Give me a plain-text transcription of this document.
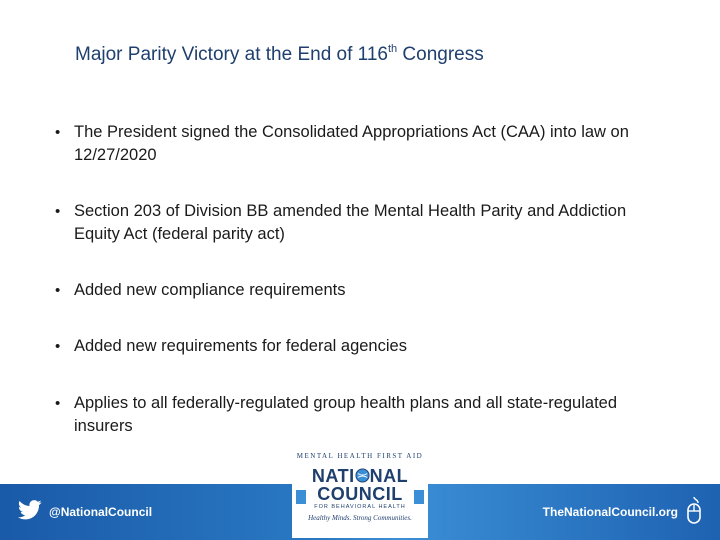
Major Parity Victory at the End of 116th Congress
• The President signed the Consolidated Appropriations Act (CAA) into law on 12/27/2020
• Section 203 of Division BB amended the Mental Health Parity and Addiction Equity Act (federal parity act)
• Added new compliance requirements
• Added new requirements for federal agencies
• Applies to all federally-regulated group health plans and all state-regulated insurers
@NationalCouncil	TheNationalCouncil.org
MENTAL HEALTH FIRST AID
NATI NAL
COUNCIL
FOR BEHAVIORAL HEALTH
Healthy Minds. Strong Communities.
